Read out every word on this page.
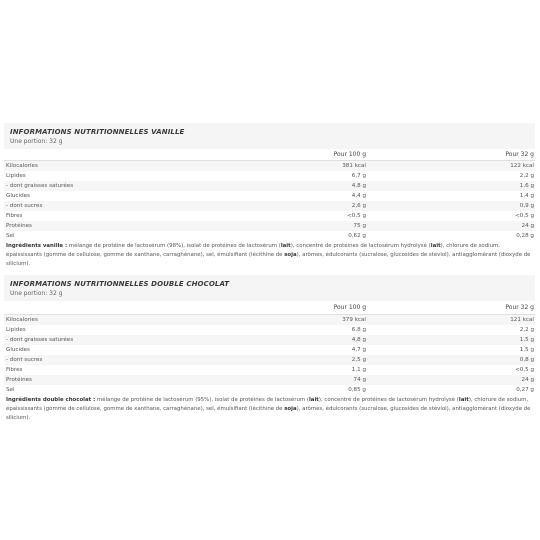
INFORMATIONS NUTRITIONNELLES VANILLE
Une portion: 32 g
Pour 100 g	Pour 32 g
Kilocalories	381 kcal	122 kcal
Lipides	6,7 g	2,2 g
- dont graisses saturées	4,8 g	1,6 g
Glucides	4,4 g	1,4 g
- dont sucres	2,6 g	0,9 g
Fibres	<0,5 g	<0,5 g
Protéines	75 g	24 g
Sel	0,62 g	0,28 g
Ingrédients vanille : mélange de protéine de lactosérum (98%), isolat de protéines de lactosérum (lait), concentré de protéines de lactosérum hydrolysé (lait), chlorure de sodium, épaississants (gomme de cellulose, gomme de xanthane, carraghénane), sel, émulsifiant (lécithine de soja), arômes, édulcorants (sucralose, glucosides de stéviol), antiagglomérant (dioxyde de silicium).
INFORMATIONS NUTRITIONNELLES DOUBLE CHOCOLAT
Une portion: 32 g
Pour 100 g	Pour 32 g
Kilocalories	379 kcal	121 kcal
Lipides	6,8 g	2,2 g
- dont graisses saturées	4,8 g	1,5 g
Glucides	4,7 g	1,5 g
- dont sucres	2,5 g	0,8 g
Fibres	1,1 g	<0,5 g
Protéines	74 g	24 g
Sel	0,85 g	0,27 g
Ingrédients double chocolat : mélange de protéine de lactosérum (95%), isolat de protéines de lactosérum (lait), concentré de protéines de lactosérum hydrolysé (lait), chlorure de sodium, épaississants (gomme de cellulose, gomme de xanthane, carraghénane), sel, émulsifiant (lécithine de soja), arômes, édulcorants (sucralose, glucosides de stéviol), antiagglomérant (dioxyde de silicium).
